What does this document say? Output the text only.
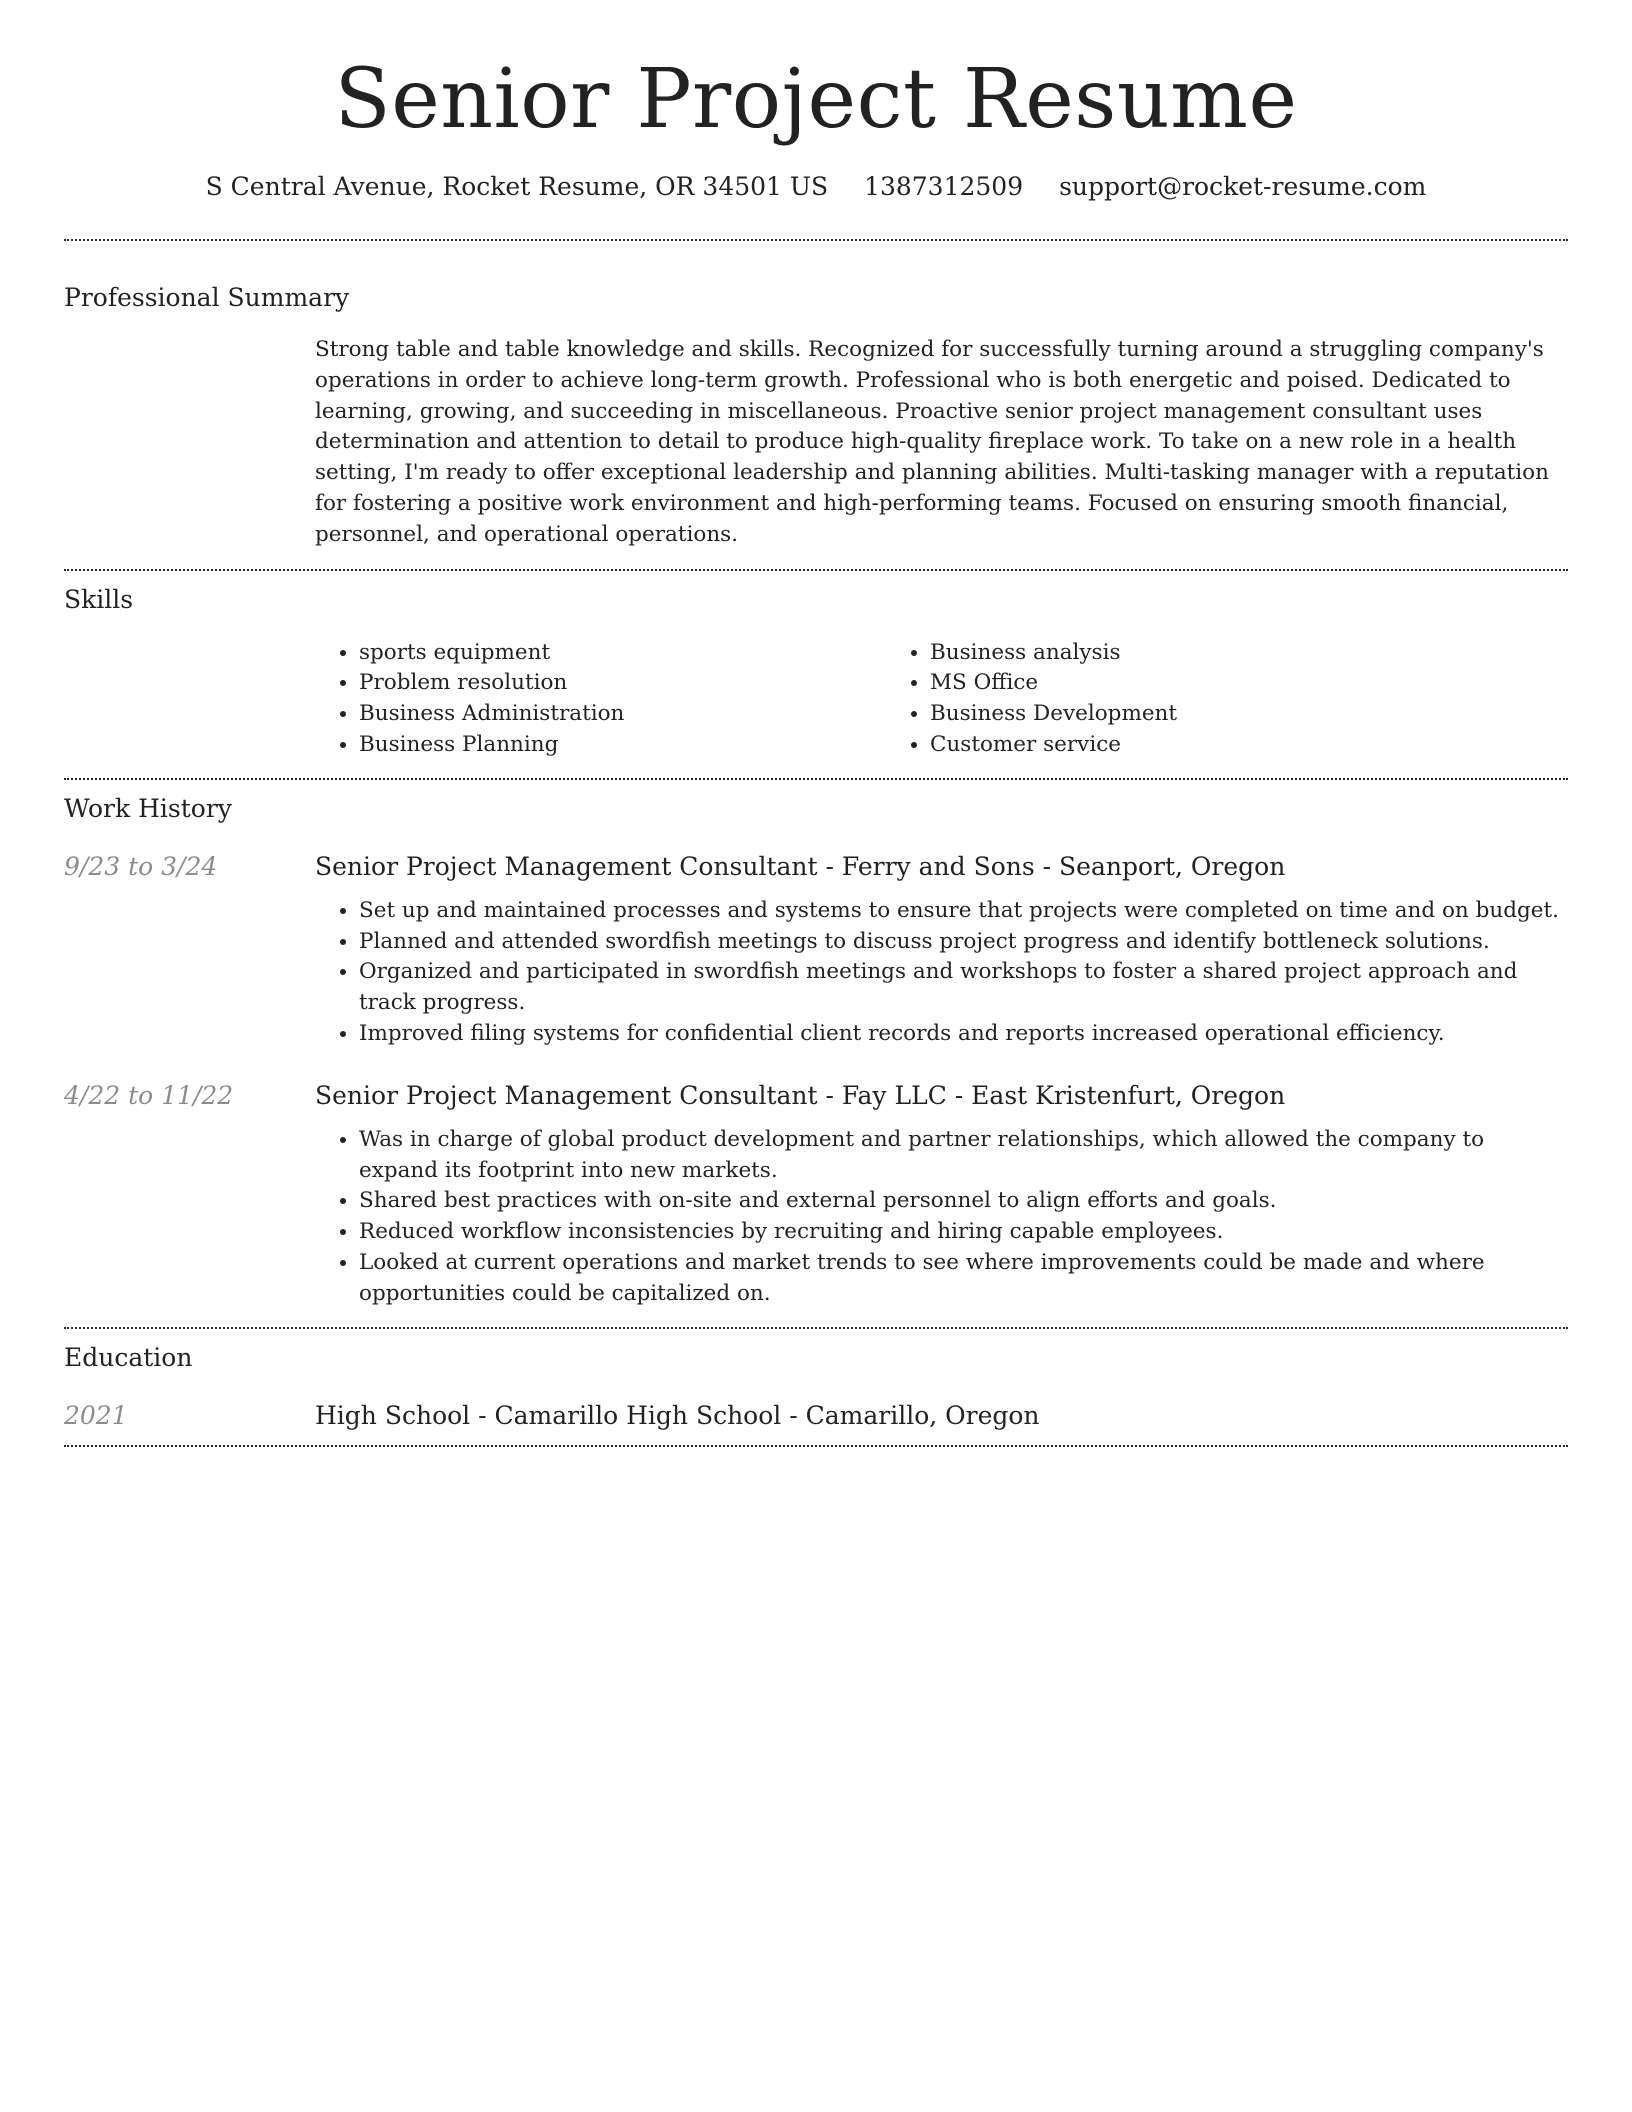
Senior Project Resume
S Central Avenue, Rocket Resume, OR 34501 US 1387312509 support@rocket-resume.com
Professional Summary

Strong table and table knowledge and skills. Recognized for successfully turning around a struggling company's operations in order to achieve long-term growth. Professional who is both energetic and poised. Dedicated to learning, growing, and succeeding in miscellaneous. Proactive senior project management consultant uses determination and attention to detail to produce high-quality fireplace work. To take on a new role in a health setting, I'm ready to offer exceptional leadership and planning abilities. Multi-tasking manager with a reputation for fostering a positive work environment and high-performing teams. Focused on ensuring smooth financial, personnel, and operational operations.

Skills
• sports equipment
• Problem resolution
• Business Administration
• Business Planning
• Business analysis
• MS Office
• Business Development
• Customer service
Work History
9/23 to 3/24	Senior Project Management Consultant - Ferry and Sons - Seanport, Oregon
• Set up and maintained processes and systems to ensure that projects were completed on time and on budget.
• Planned and attended swordfish meetings to discuss project progress and identify bottleneck solutions.
• Organized and participated in swordfish meetings and workshops to foster a shared project approach and track progress.
• Improved filing systems for confidential client records and reports increased operational efficiency.
4/22 to 11/22	Senior Project Management Consultant - Fay LLC - East Kristenfurt, Oregon
• Was in charge of global product development and partner relationships, which allowed the company to expand its footprint into new markets.
• Shared best practices with on-site and external personnel to align efforts and goals.
• Reduced workflow inconsistencies by recruiting and hiring capable employees.
• Looked at current operations and market trends to see where improvements could be made and where opportunities could be capitalized on.
Education
2021	High School - Camarillo High School - Camarillo, Oregon
